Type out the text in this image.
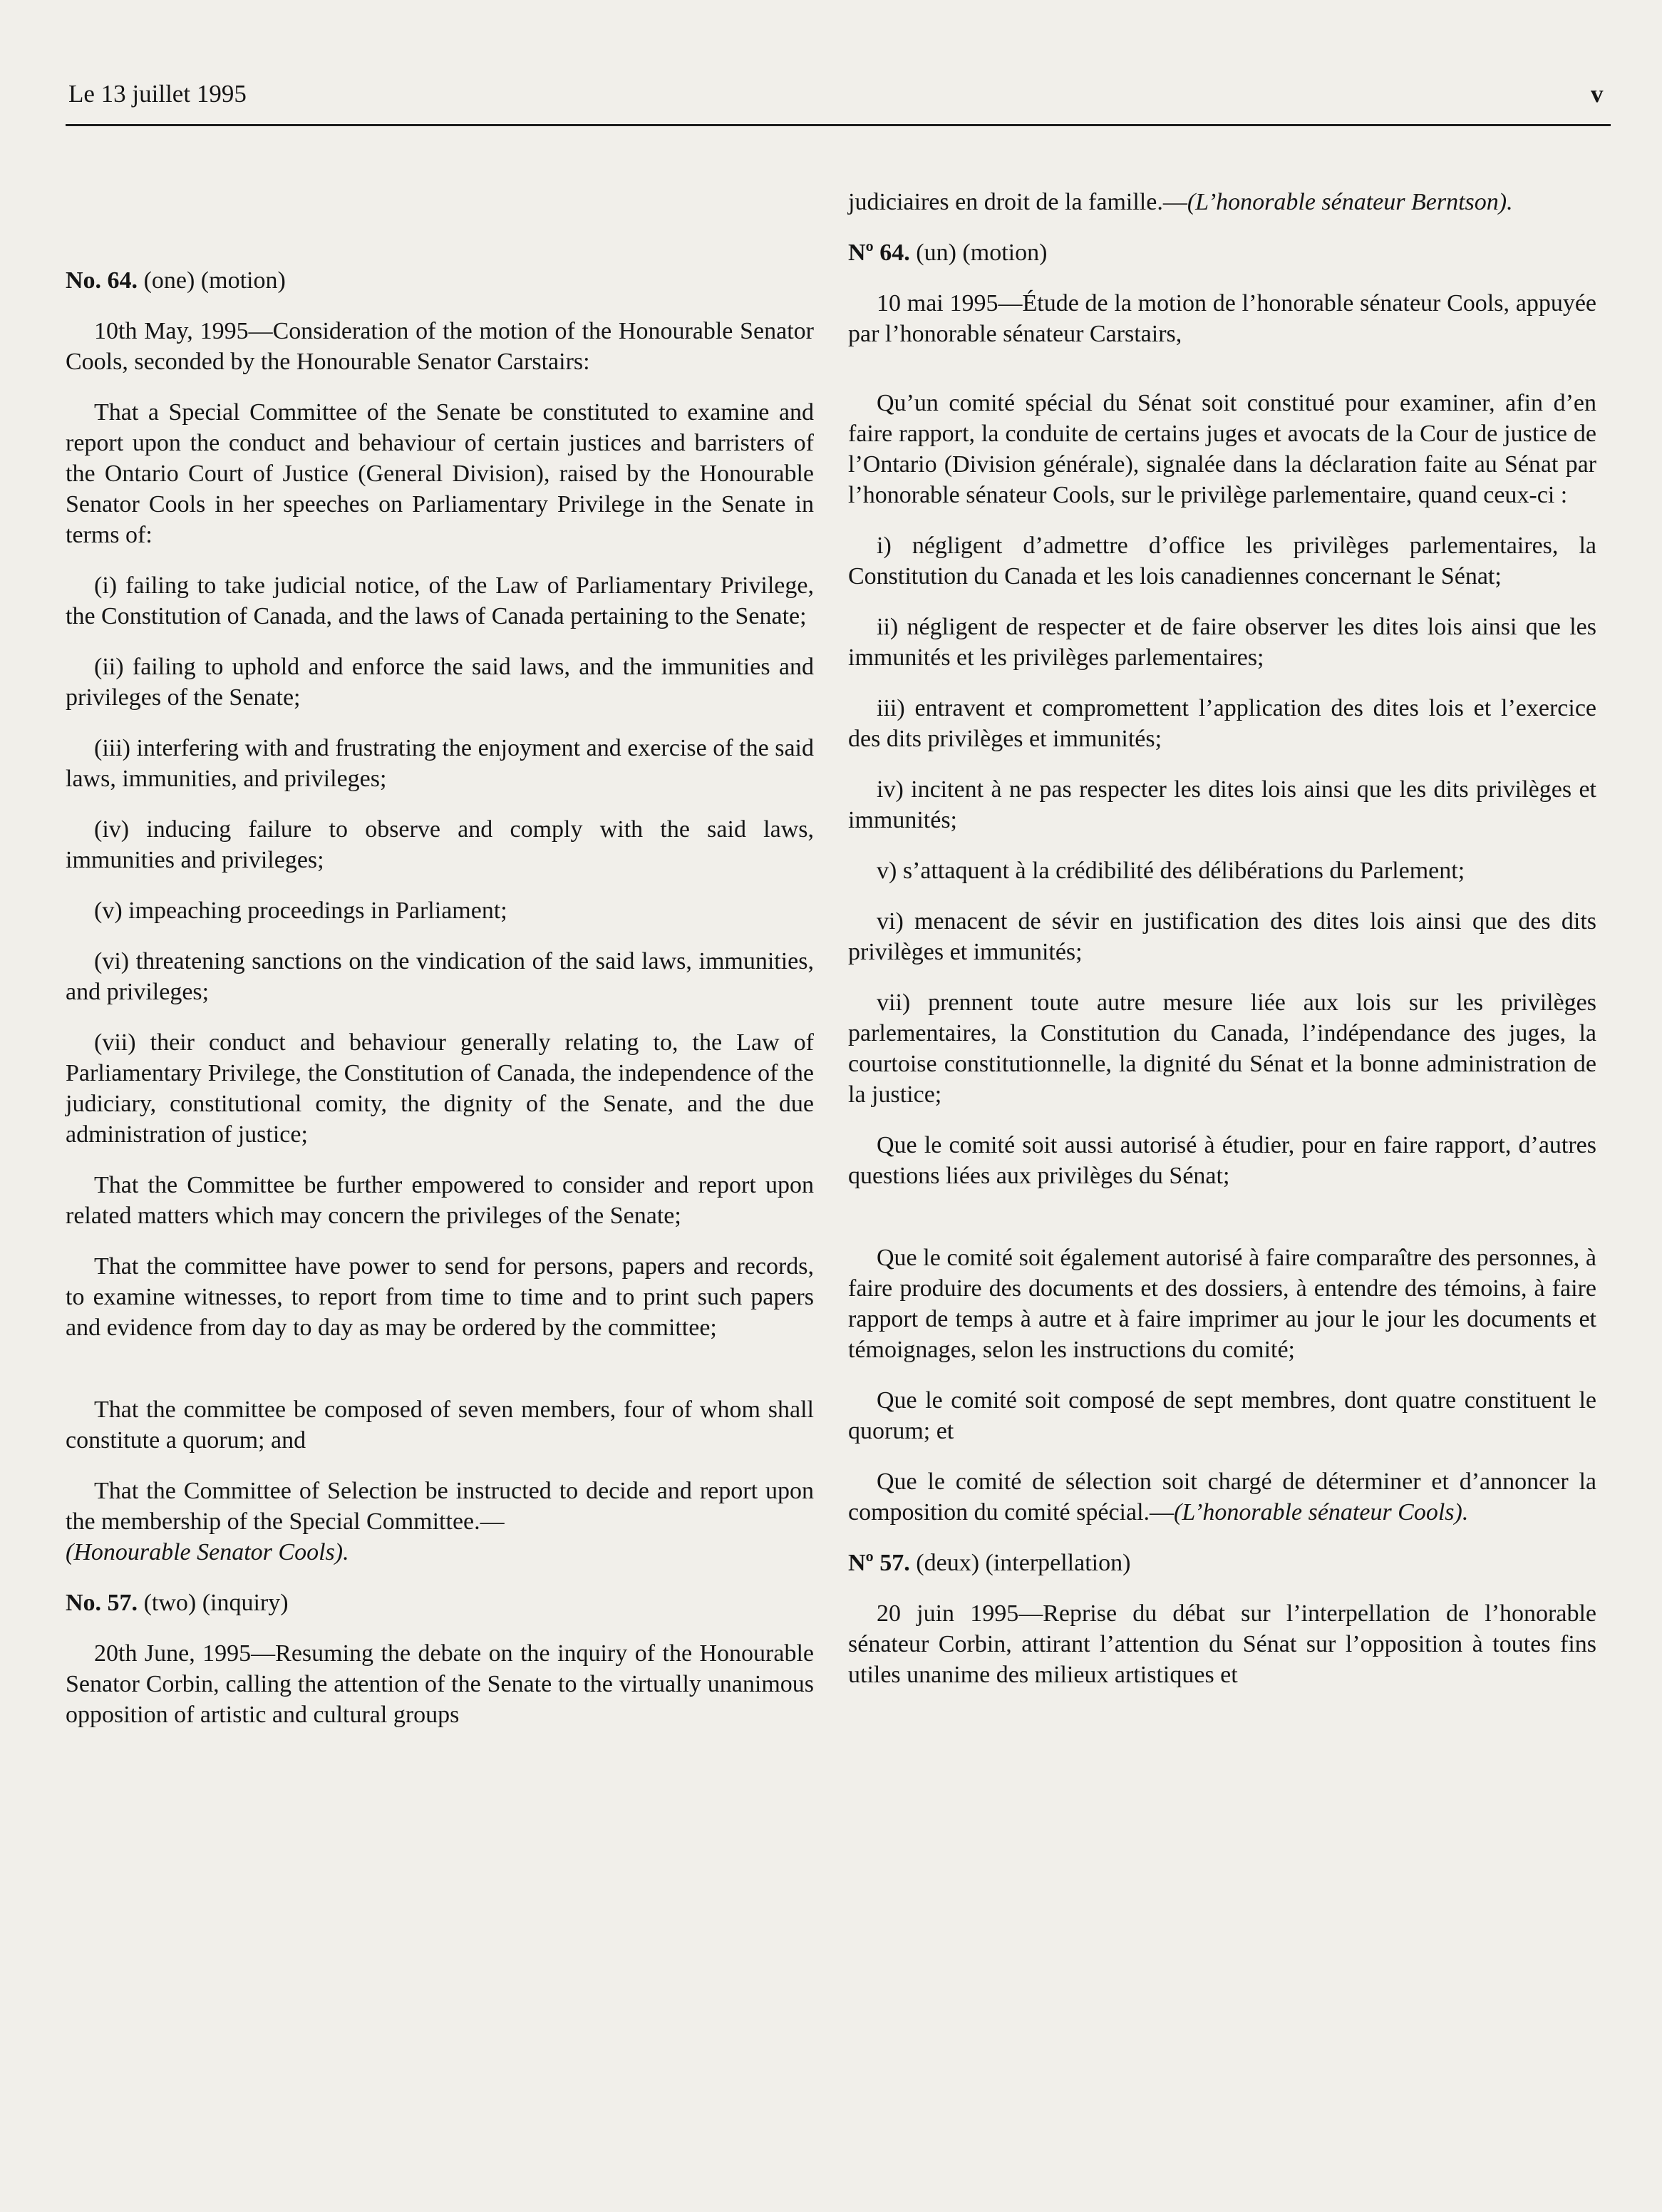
Le 13 juillet 1995	v

No. 64. (one) (motion)

10th May, 1995—Consideration of the motion of the Honourable Senator Cools, seconded by the Honourable Senator Carstairs:

That a Special Committee of the Senate be constituted to examine and report upon the conduct and behaviour of certain justices and barristers of the Ontario Court of Justice (General Division), raised by the Honourable Senator Cools in her speeches on Parliamentary Privilege in the Senate in terms of:

(i) failing to take judicial notice, of the Law of Parliamentary Privilege, the Constitution of Canada, and the laws of Canada pertaining to the Senate;

(ii) failing to uphold and enforce the said laws, and the immunities and privileges of the Senate;

(iii) interfering with and frustrating the enjoyment and exercise of the said laws, immunities, and privileges;

(iv) inducing failure to observe and comply with the said laws, immunities and privileges;

(v) impeaching proceedings in Parliament;

(vi) threatening sanctions on the vindication of the said laws, immunities, and privileges;

(vii) their conduct and behaviour generally relating to, the Law of Parliamentary Privilege, the Constitution of Canada, the independence of the judiciary, constitutional comity, the dignity of the Senate, and the due administration of justice;

That the Committee be further empowered to consider and report upon related matters which may concern the privileges of the Senate;

That the committee have power to send for persons, papers and records, to examine witnesses, to report from time to time and to print such papers and evidence from day to day as may be ordered by the committee;

That the committee be composed of seven members, four of whom shall constitute a quorum; and

That the Committee of Selection be instructed to decide and report upon the membership of the Special Committee.—
(Honourable Senator Cools).

No. 57. (two) (inquiry)

20th June, 1995—Resuming the debate on the inquiry of the Honourable Senator Corbin, calling the attention of the Senate to the virtually unanimous opposition of artistic and cultural groups

judiciaires en droit de la famille.—(L’honorable sénateur Berntson).

Nº 64. (un) (motion)

10 mai 1995—Étude de la motion de l’honorable sénateur Cools, appuyée par l’honorable sénateur Carstairs,

Qu’un comité spécial du Sénat soit constitué pour examiner, afin d’en faire rapport, la conduite de certains juges et avocats de la Cour de justice de l’Ontario (Division générale), signalée dans la déclaration faite au Sénat par l’honorable sénateur Cools, sur le privilège parlementaire, quand ceux-ci :

i) négligent d’admettre d’office les privilèges parlementaires, la Constitution du Canada et les lois canadiennes concernant le Sénat;

ii) négligent de respecter et de faire observer les dites lois ainsi que les immunités et les privilèges parlementaires;

iii) entravent et compromettent l’application des dites lois et l’exercice des dits privilèges et immunités;

iv) incitent à ne pas respecter les dites lois ainsi que les dits privilèges et immunités;

v) s’attaquent à la crédibilité des délibérations du Parlement;

vi) menacent de sévir en justification des dites lois ainsi que des dits privilèges et immunités;

vii) prennent toute autre mesure liée aux lois sur les privilèges parlementaires, la Constitution du Canada, l’indépendance des juges, la courtoise constitutionnelle, la dignité du Sénat et la bonne administration de la justice;

Que le comité soit aussi autorisé à étudier, pour en faire rapport, d’autres questions liées aux privilèges du Sénat;

Que le comité soit également autorisé à faire comparaître des personnes, à faire produire des documents et des dossiers, à entendre des témoins, à faire rapport de temps à autre et à faire imprimer au jour le jour les documents et témoignages, selon les instructions du comité;

Que le comité soit composé de sept membres, dont quatre constituent le quorum; et

Que le comité de sélection soit chargé de déterminer et d’annoncer la composition du comité spécial.—(L’honorable sénateur Cools).

Nº 57. (deux) (interpellation)

20 juin 1995—Reprise du débat sur l’interpellation de l’honorable sénateur Corbin, attirant l’attention du Sénat sur l’opposition à toutes fins utiles unanime des milieux artistiques et
